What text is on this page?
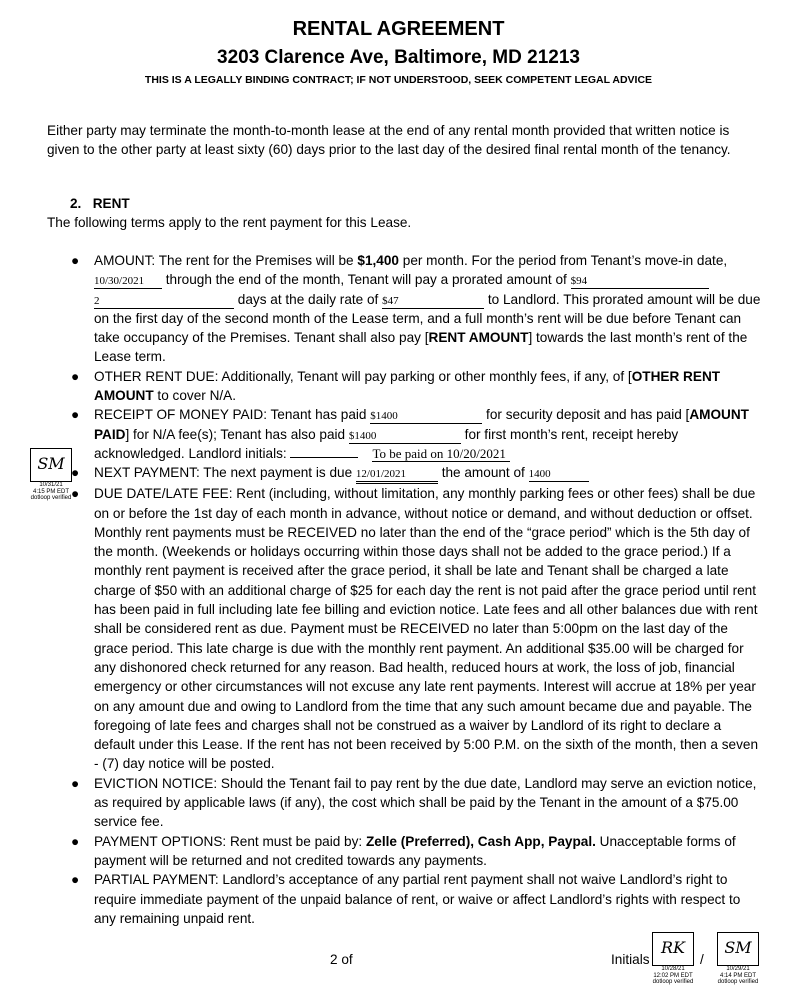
RENTAL AGREEMENT
3203 Clarence Ave, Baltimore, MD 21213
THIS IS A LEGALLY BINDING CONTRACT; IF NOT UNDERSTOOD, SEEK COMPETENT LEGAL ADVICE
Either party may terminate the month-to-month lease at the end of any rental month provided that written notice is given to the other party at least sixty (60) days prior to the last day of the desired final rental month of the tenancy.
2. RENT
The following terms apply to the rent payment for this Lease.
● AMOUNT: The rent for the Premises will be $1,400 per month. For the period from Tenant’s move-in date, 10/30/2021 through the end of the month, Tenant will pay a prorated amount of $94 2	days at the daily rate of $47	to Landlord. This prorated amount will be due on the first day of the second month of the Lease term, and a full month’s rent will be due before Tenant can take occupancy of the Premises. Tenant shall also pay [RENT AMOUNT] towards the last month’s rent of the Lease term.
● OTHER RENT DUE: Additionally, Tenant will pay parking or other monthly fees, if any, of [OTHER RENT AMOUNT to cover N/A.
● RECEIPT OF MONEY PAID: Tenant has paid $1400	for security deposit and has paid [AMOUNT PAID] for N/A fee(s); Tenant has also paid $1400	for first month’s rent, receipt hereby acknowledged. Landlord initials:	To be paid on 10/20/2021
● NEXT PAYMENT: The next payment is due 12/01/2021 the amount of 1400
● DUE DATE/LATE FEE: Rent (including, without limitation, any monthly parking fees or other fees) shall be due on or before the 1st day of each month in advance, without notice or demand, and without deduction or offset. Monthly rent payments must be RECEIVED no later than the end of the “grace period” which is the 5th day of the month. (Weekends or holidays occurring within those days shall not be added to the grace period.) If a monthly rent payment is received after the grace period, it shall be late and Tenant shall be charged a late charge of $50 with an additional charge of $25 for each day the rent is not paid after the grace period until rent has been paid in full including late fee billing and eviction notice. Late fees and all other balances due with rent shall be considered rent as due. Payment must be RECEIVED no later than 5:00pm on the last day of the grace period. This late charge is due with the monthly rent payment. An additional $35.00 will be charged for any dishonored check returned for any reason. Bad health, reduced hours at work, the loss of job, financial emergency or other circumstances will not excuse any late rent payments. Interest will accrue at 18% per year on any amount due and owing to Landlord from the time that any such amount became due and payable. The foregoing of late fees and charges shall not be construed as a waiver by Landlord of its right to declare a default under this Lease. If the rent has not been received by 5:00 P.M. on the sixth of the month, then a seven - (7) day notice will be posted.
● EVICTION NOTICE: Should the Tenant fail to pay rent by the due date, Landlord may serve an eviction notice, as required by applicable laws (if any), the cost which shall be paid by the Tenant in the amount of a $75.00 service fee.
● PAYMENT OPTIONS: Rent must be paid by: Zelle (Preferred), Cash App, Paypal. Unacceptable forms of payment will be returned and not credited towards any payments.
● PARTIAL PAYMENT: Landlord’s acceptance of any partial rent payment shall not waive Landlord’s right to require immediate payment of the unpaid balance of rent, or waive or affect Landlord’s rights with respect to any remaining unpaid rent.
SM
10/31/21
4:15 PM EDT
dotloop verified
2 of	Initials
RK
10/28/21
12:02 PM EDT
dotloop verified
/
SM
10/29/21
4:14 PM EDT
dotloop verified
